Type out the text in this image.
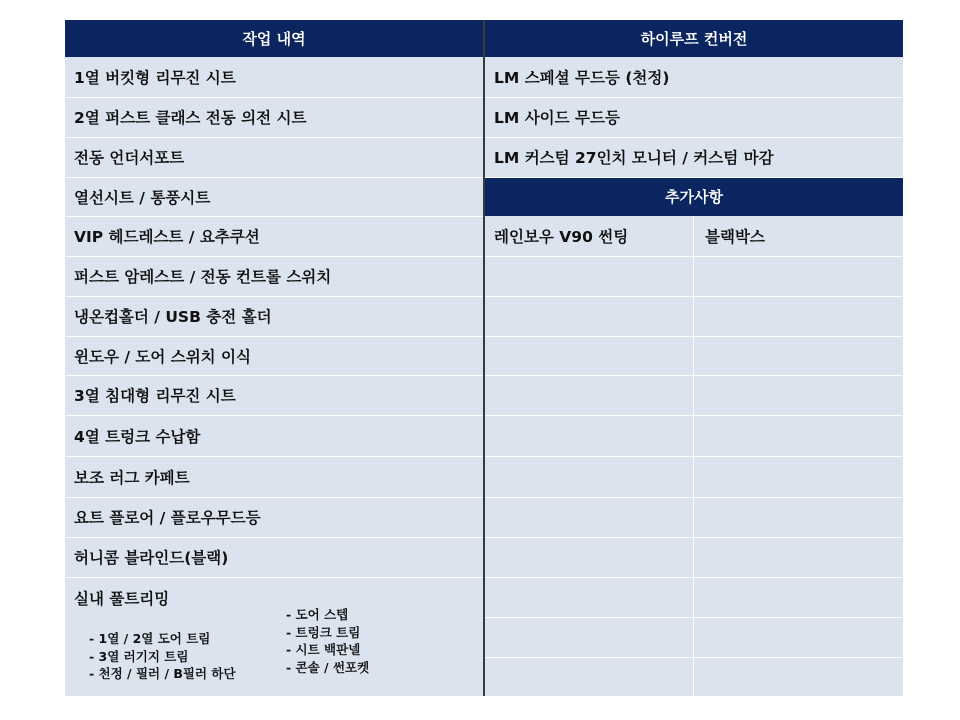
작업 내역	하이루프 컨버전
1열 버킷형 리무진 시트
2열 퍼스트 클래스 전동 의전 시트
전동 언더서포트
열선시트 / 통풍시트
VIP 헤드레스트 / 요추쿠션
퍼스트 암레스트 / 전동 컨트롤 스위치
냉온컵홀더 / USB 충전 홀더
윈도우 / 도어 스위치 이식
3열 침대형 리무진 시트
4열 트렁크 수납함
보조 러그 카페트
요트 플로어 / 플로우무드등
허니콤 블라인드(블랙)
실내 풀트리밍
LM 스페셜 무드등 (천정)
LM 사이드 무드등
LM 커스텀 27인치 모니터 / 커스텀 마감
추가사항
레인보우 V90 썬팅	블랙박스
- 1열 / 2열 도어 트림
- 3열 러기지 트림
- 천정 / 필러 / B필러 하단
- 도어 스텝
- 트렁크 트림
- 시트 백판넬
- 콘솔 / 썬포켓
